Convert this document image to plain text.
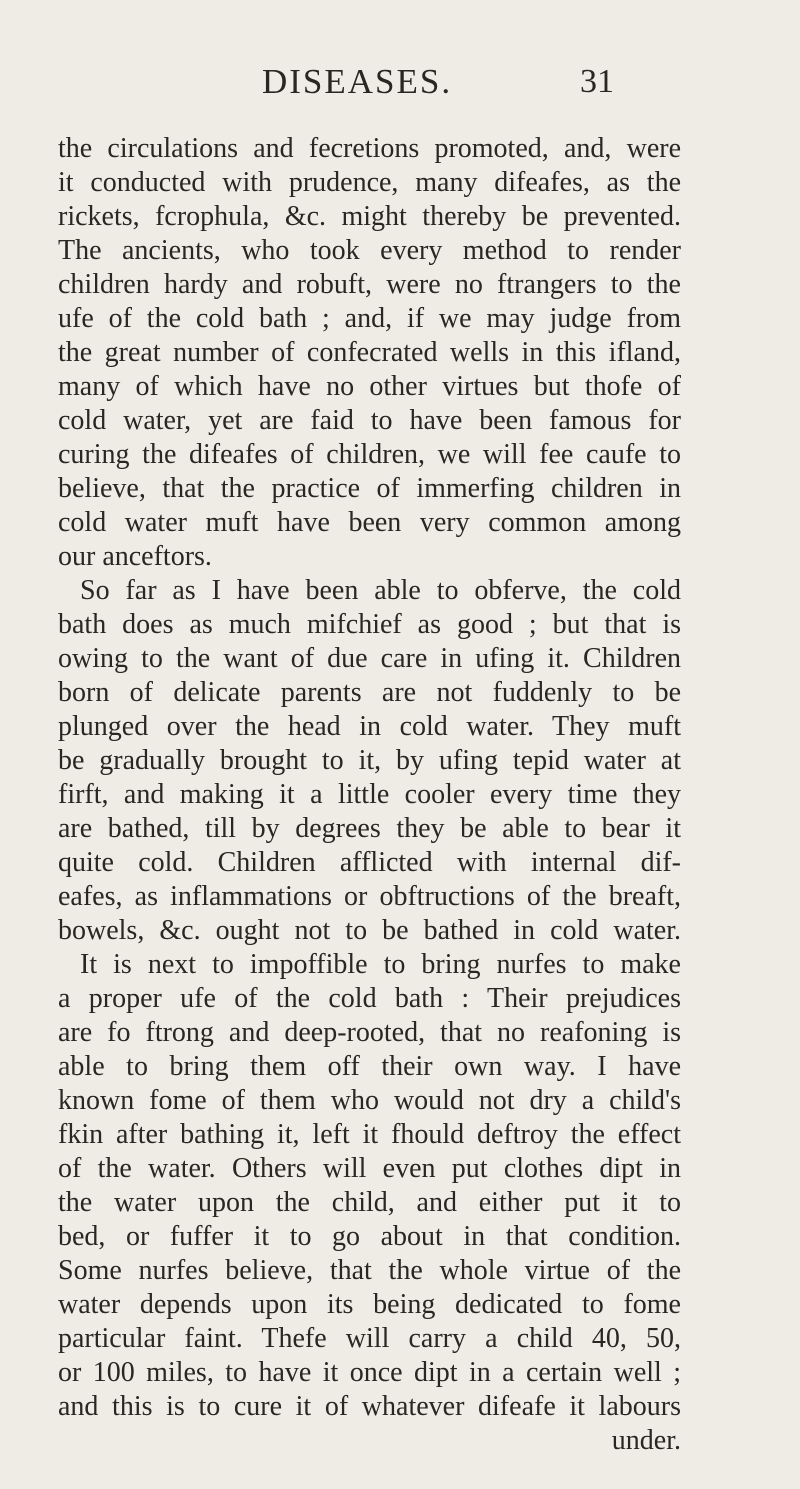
DISEASES.	31
the circulations and fecretions promoted, and, were
it conducted with prudence, many difeafes, as the
rickets, fcrophula, &c. might thereby be prevented.
The ancients, who took every method to render
children hardy and robuft, were no ftrangers to the
ufe of the cold bath ; and, if we may judge from
the great number of confecrated wells in this ifland,
many of which have no other virtues but thofe of
cold water, yet are faid to have been famous for
curing the difeafes of children, we will fee caufe to
believe, that the practice of immerfing children in
cold water muft have been very common among
our anceftors.
So far as I have been able to obferve, the cold
bath does as much mifchief as good ; but that is
owing to the want of due care in ufing it. Children
born of delicate parents are not fuddenly to be
plunged over the head in cold water. They muft
be gradually brought to it, by ufing tepid water at
firft, and making it a little cooler every time they
are bathed, till by degrees they be able to bear it
quite cold. Children afflicted with internal dif-
eafes, as inflammations or obftructions of the breaft,
bowels, &c. ought not to be bathed in cold water.
It is next to impoffible to bring nurfes to make
a proper ufe of the cold bath : Their prejudices
are fo ftrong and deep-rooted, that no reafoning is
able to bring them off their own way. I have
known fome of them who would not dry a child's
fkin after bathing it, left it fhould deftroy the effect
of the water. Others will even put clothes dipt in
the water upon the child, and either put it to
bed, or fuffer it to go about in that condition.
Some nurfes believe, that the whole virtue of the
water depends upon its being dedicated to fome
particular faint. Thefe will carry a child 40, 50,
or 100 miles, to have it once dipt in a certain well ;
and this is to cure it of whatever difeafe it labours
under.
